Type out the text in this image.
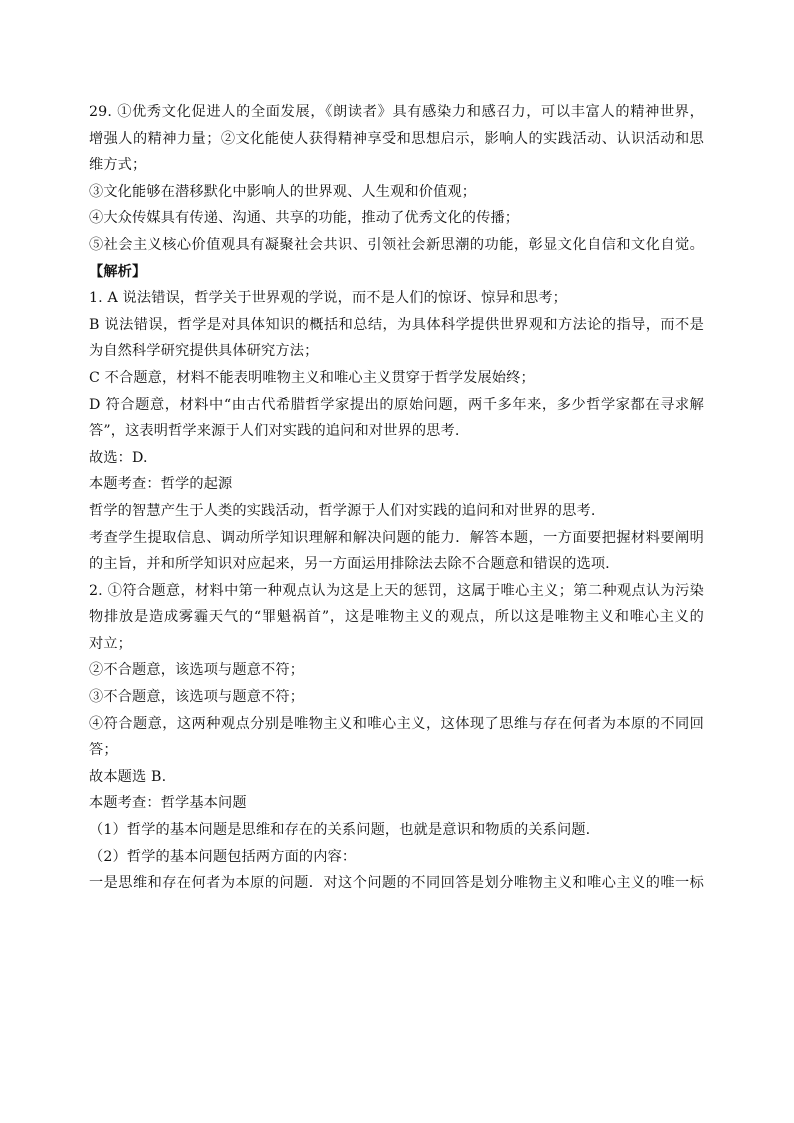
29. ①优秀文化促进人的全面发展，《朗读者》具有感染力和感召力，可以丰富人的精神世界，
增强人的精神力量；②文化能使人获得精神享受和思想启示，影响人的实践活动、认识活动和思
维方式；
③文化能够在潜移默化中影响人的世界观、人生观和价值观；
④大众传媒具有传递、沟通、共享的功能，推动了优秀文化的传播；
⑤社会主义核心价值观具有凝聚社会共识、引领社会新思潮的功能，彰显文化自信和文化自觉。
【解析】
1. A 说法错误，哲学关于世界观的学说，而不是人们的惊讶、惊异和思考；
B 说法错误，哲学是对具体知识的概括和总结，为具体科学提供世界观和方法论的指导，而不是
为自然科学研究提供具体研究方法；
C 不合题意，材料不能表明唯物主义和唯心主义贯穿于哲学发展始终；
D 符合题意，材料中“由古代希腊哲学家提出的原始问题，两千多年来，多少哲学家都在寻求解
答”，这表明哲学来源于人们对实践的追问和对世界的思考.
故选：D.
本题考查：哲学的起源
哲学的智慧产生于人类的实践活动，哲学源于人们对实践的追问和对世界的思考.
考查学生提取信息、调动所学知识理解和解决问题的能力．解答本题，一方面要把握材料要阐明
的主旨，并和所学知识对应起来，另一方面运用排除法去除不合题意和错误的选项.
2. ①符合题意，材料中第一种观点认为这是上天的惩罚，这属于唯心主义；第二种观点认为污染
物排放是造成雾霾天气的“罪魁祸首”，这是唯物主义的观点，所以这是唯物主义和唯心主义的
对立；
②不合题意，该选项与题意不符；
③不合题意，该选项与题意不符；
④符合题意，这两种观点分别是唯物主义和唯心主义，这体现了思维与存在何者为本原的不同回
答；
故本题选 B.
本题考查：哲学基本问题
（1）哲学的基本问题是思维和存在的关系问题，也就是意识和物质的关系问题.
（2）哲学的基本问题包括两方面的内容：
一是思维和存在何者为本原的问题．对这个问题的不同回答是划分唯物主义和唯心主义的唯一标
